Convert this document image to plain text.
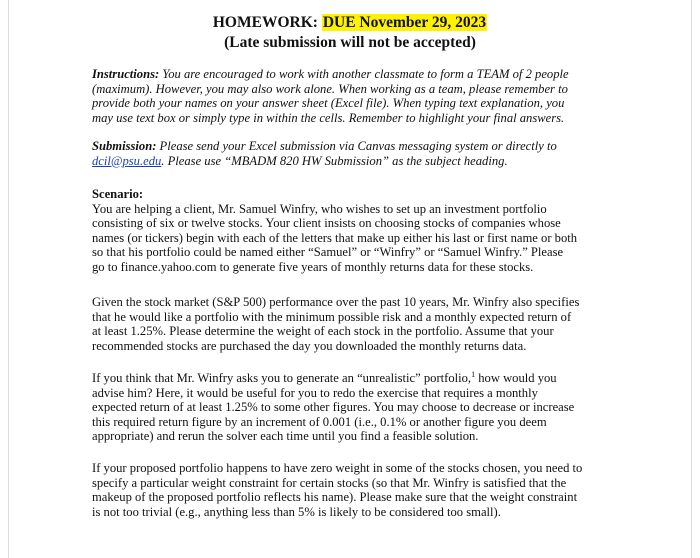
HOMEWORK: DUE November 29, 2023
(Late submission will not be accepted)
Instructions: You are encouraged to work with another classmate to form a TEAM of 2 people
(maximum). However, you may also work alone. When working as a team, please remember to
provide both your names on your answer sheet (Excel file). When typing text explanation, you
may use text box or simply type in within the cells. Remember to highlight your final answers.
Submission: Please send your Excel submission via Canvas messaging system or directly to
dcil@psu.edu. Please use “MBADM 820 HW Submission” as the subject heading.
Scenario:
You are helping a client, Mr. Samuel Winfry, who wishes to set up an investment portfolio
consisting of six or twelve stocks. Your client insists on choosing stocks of companies whose
names (or tickers) begin with each of the letters that make up either his last or first name or both
so that his portfolio could be named either “Samuel” or “Winfry” or “Samuel Winfry.” Please
go to finance.yahoo.com to generate five years of monthly returns data for these stocks.
Given the stock market (S&P 500) performance over the past 10 years, Mr. Winfry also specifies
that he would like a portfolio with the minimum possible risk and a monthly expected return of
at least 1.25%. Please determine the weight of each stock in the portfolio. Assume that your
recommended stocks are purchased the day you downloaded the monthly returns data.
If you think that Mr. Winfry asks you to generate an “unrealistic” portfolio,$^1$ how would you
advise him? Here, it would be useful for you to redo the exercise that requires a monthly
expected return of at least 1.25% to some other figures. You may choose to decrease or increase
this required return figure by an increment of 0.001 (i.e., 0.1% or another figure you deem
appropriate) and rerun the solver each time until you find a feasible solution.
If your proposed portfolio happens to have zero weight in some of the stocks chosen, you need to
specify a particular weight constraint for certain stocks (so that Mr. Winfry is satisfied that the
makeup of the proposed portfolio reflects his name). Please make sure that the weight constraint
is not too trivial (e.g., anything less than 5% is likely to be considered too small).
